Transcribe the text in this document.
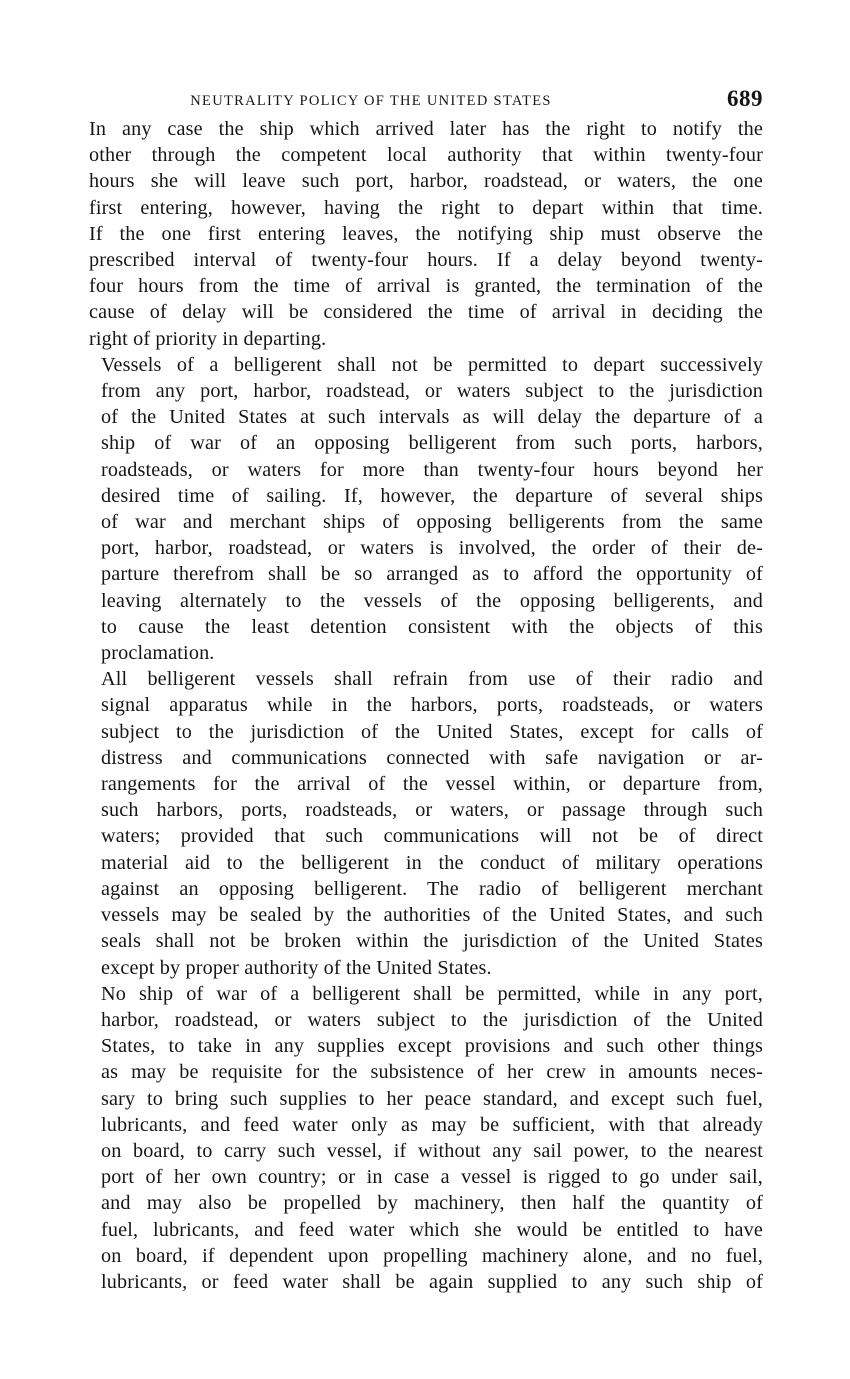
NEUTRALITY POLICY OF THE UNITED STATES	689

In any case the ship which arrived later has the right to notify the
other through the competent local authority that within twenty-four
hours she will leave such port, harbor, roadstead, or waters, the one
first entering, however, having the right to depart within that time.
If the one first entering leaves, the notifying ship must observe the
prescribed interval of twenty-four hours. If a delay beyond twenty-
four hours from the time of arrival is granted, the termination of the
cause of delay will be considered the time of arrival in deciding the
right of priority in departing.

Vessels of a belligerent shall not be permitted to depart successively
from any port, harbor, roadstead, or waters subject to the jurisdiction
of the United States at such intervals as will delay the departure of a
ship of war of an opposing belligerent from such ports, harbors,
roadsteads, or waters for more than twenty-four hours beyond her
desired time of sailing. If, however, the departure of several ships
of war and merchant ships of opposing belligerents from the same
port, harbor, roadstead, or waters is involved, the order of their de-
parture therefrom shall be so arranged as to afford the opportunity of
leaving alternately to the vessels of the opposing belligerents, and
to cause the least detention consistent with the objects of this
proclamation.

All belligerent vessels shall refrain from use of their radio and
signal apparatus while in the harbors, ports, roadsteads, or waters
subject to the jurisdiction of the United States, except for calls of
distress and communications connected with safe navigation or ar-
rangements for the arrival of the vessel within, or departure from,
such harbors, ports, roadsteads, or waters, or passage through such
waters; provided that such communications will not be of direct
material aid to the belligerent in the conduct of military operations
against an opposing belligerent. The radio of belligerent merchant
vessels may be sealed by the authorities of the United States, and such
seals shall not be broken within the jurisdiction of the United States
except by proper authority of the United States.

No ship of war of a belligerent shall be permitted, while in any port,
harbor, roadstead, or waters subject to the jurisdiction of the United
States, to take in any supplies except provisions and such other things
as may be requisite for the subsistence of her crew in amounts neces-
sary to bring such supplies to her peace standard, and except such fuel,
lubricants, and feed water only as may be sufficient, with that already
on board, to carry such vessel, if without any sail power, to the nearest
port of her own country; or in case a vessel is rigged to go under sail,
and may also be propelled by machinery, then half the quantity of
fuel, lubricants, and feed water which she would be entitled to have
on board, if dependent upon propelling machinery alone, and no fuel,
lubricants, or feed water shall be again supplied to any such ship of
